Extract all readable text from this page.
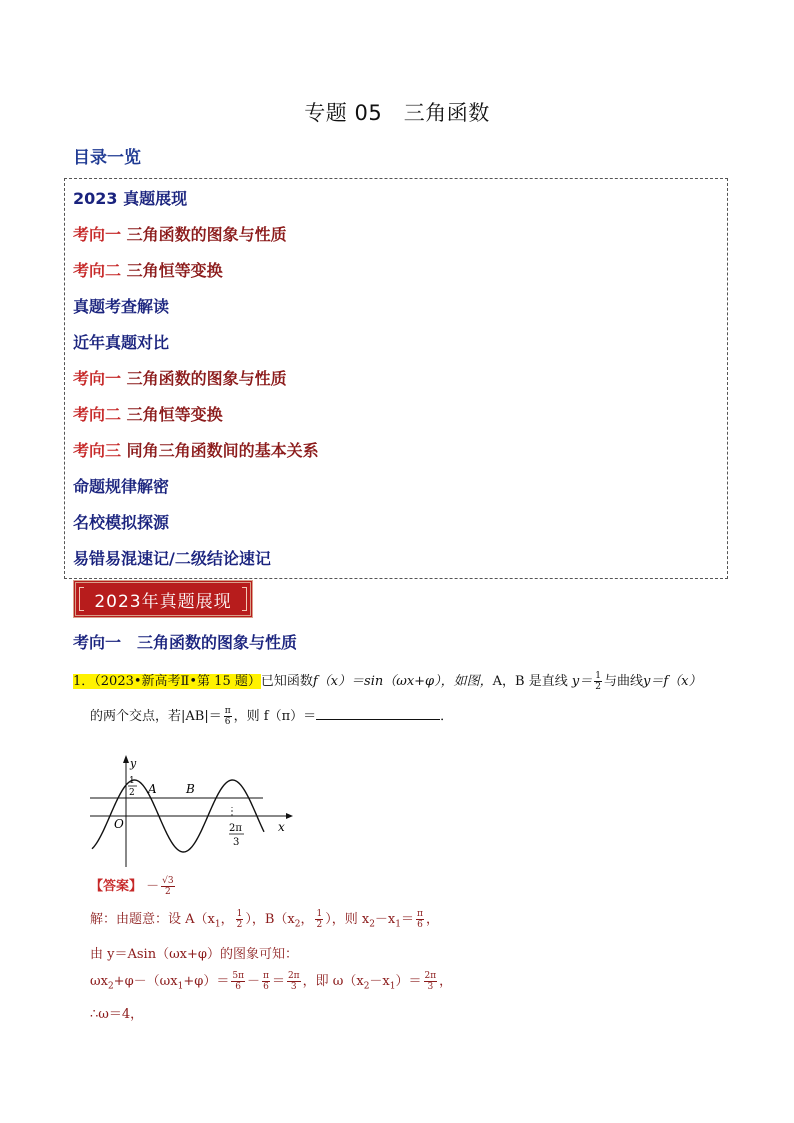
专题 05　三角函数
目录一览
2023 真题展现
考向一 三角函数的图象与性质
考向二 三角恒等变换
真题考查解读
近年真题对比
考向一 三角函数的图象与性质
考向二 三角恒等变换
考向三 同角三角函数间的基本关系
命题规律解密
名校模拟探源
易错易混速记/二级结论速记
2023年真题展现
考向一　三角函数的图象与性质
1．（2023•新高考Ⅱ•第 15 题）已知函数f（x）＝sin（ωx+φ），如图，A，B 是直线 $y= \frac{1}{2}$ 与曲线y＝f（x）
的两个交点，若$|AB|= \frac{\pi}{6}$ ，则 f（π）＝	．
y
x
O
A B
1
2
2π
3
【答案】 － $\frac{√3}{2}$
解：由题意：设 $A(x_1$， $\frac{1}{2}$ ），$B(x_2$， $\frac{1}{2}$ ），则 $x_2-x_1= \frac{\pi}{6}$ ，
由 y＝Asin（ωx+φ）的图象可知：
$\omega x_2+\varphi-(\omega x_1+\varphi)= \frac{5\pi}{6} - \frac{\pi}{6} = \frac{2\pi}{3}$ ，即 $\omega(x_2-x_1)= \frac{2\pi}{3}$ ，
∴ω＝4，
